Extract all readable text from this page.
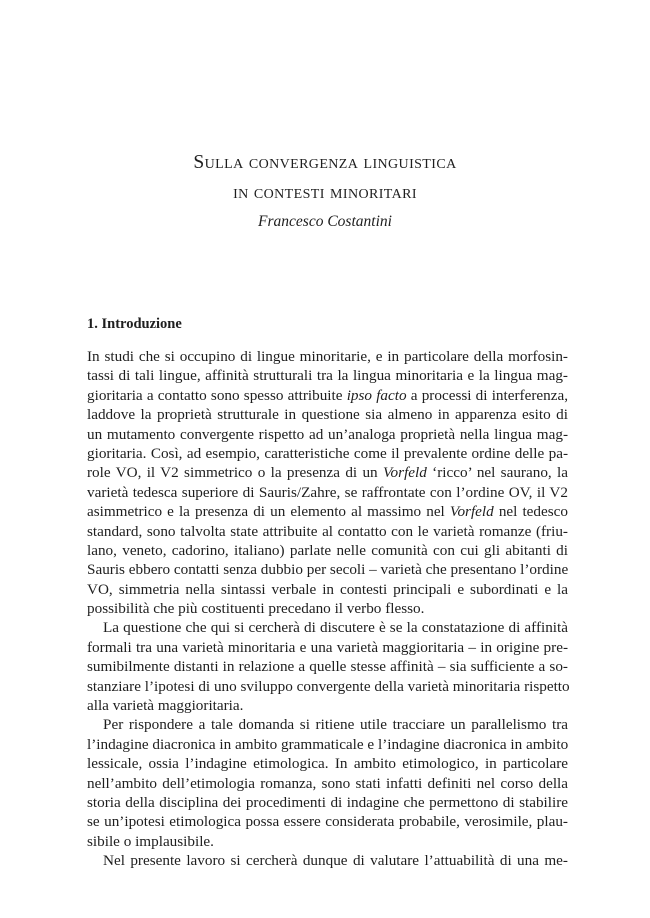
Sulla convergenza linguistica
in contesti minoritari
Francesco Costantini
1. Introduzione
In studi che si occupino di lingue minoritarie, e in particolare della morfosin-
tassi di tali lingue, affinità strutturali tra la lingua minoritaria e la lingua mag-
gioritaria a contatto sono spesso attribuite ipso facto a processi di interferenza,
laddove la proprietà strutturale in questione sia almeno in apparenza esito di
un mutamento convergente rispetto ad un’analoga proprietà nella lingua mag-
gioritaria. Così, ad esempio, caratteristiche come il prevalente ordine delle pa-
role VO, il V2 simmetrico o la presenza di un Vorfeld ‘ricco’ nel saurano, la
varietà tedesca superiore di Sauris/Zahre, se raffrontate con l’ordine OV, il V2
asimmetrico e la presenza di un elemento al massimo nel Vorfeld nel tedesco
standard, sono talvolta state attribuite al contatto con le varietà romanze (friu-
lano, veneto, cadorino, italiano) parlate nelle comunità con cui gli abitanti di
Sauris ebbero contatti senza dubbio per secoli – varietà che presentano l’ordine
VO, simmetria nella sintassi verbale in contesti principali e subordinati e la
possibilità che più costituenti precedano il verbo flesso.
La questione che qui si cercherà di discutere è se la constatazione di affinità
formali tra una varietà minoritaria e una varietà maggioritaria – in origine pre-
sumibilmente distanti in relazione a quelle stesse affinità – sia sufficiente a so-
stanziare l’ipotesi di uno sviluppo convergente della varietà minoritaria rispetto
alla varietà maggioritaria.
Per rispondere a tale domanda si ritiene utile tracciare un parallelismo tra
l’indagine diacronica in ambito grammaticale e l’indagine diacronica in ambito
lessicale, ossia l’indagine etimologica. In ambito etimologico, in particolare
nell’ambito dell’etimologia romanza, sono stati infatti definiti nel corso della
storia della disciplina dei procedimenti di indagine che permettono di stabilire
se un’ipotesi etimologica possa essere considerata probabile, verosimile, plau-
sibile o implausibile.
Nel presente lavoro si cercherà dunque di valutare l’attuabilità di una me-
